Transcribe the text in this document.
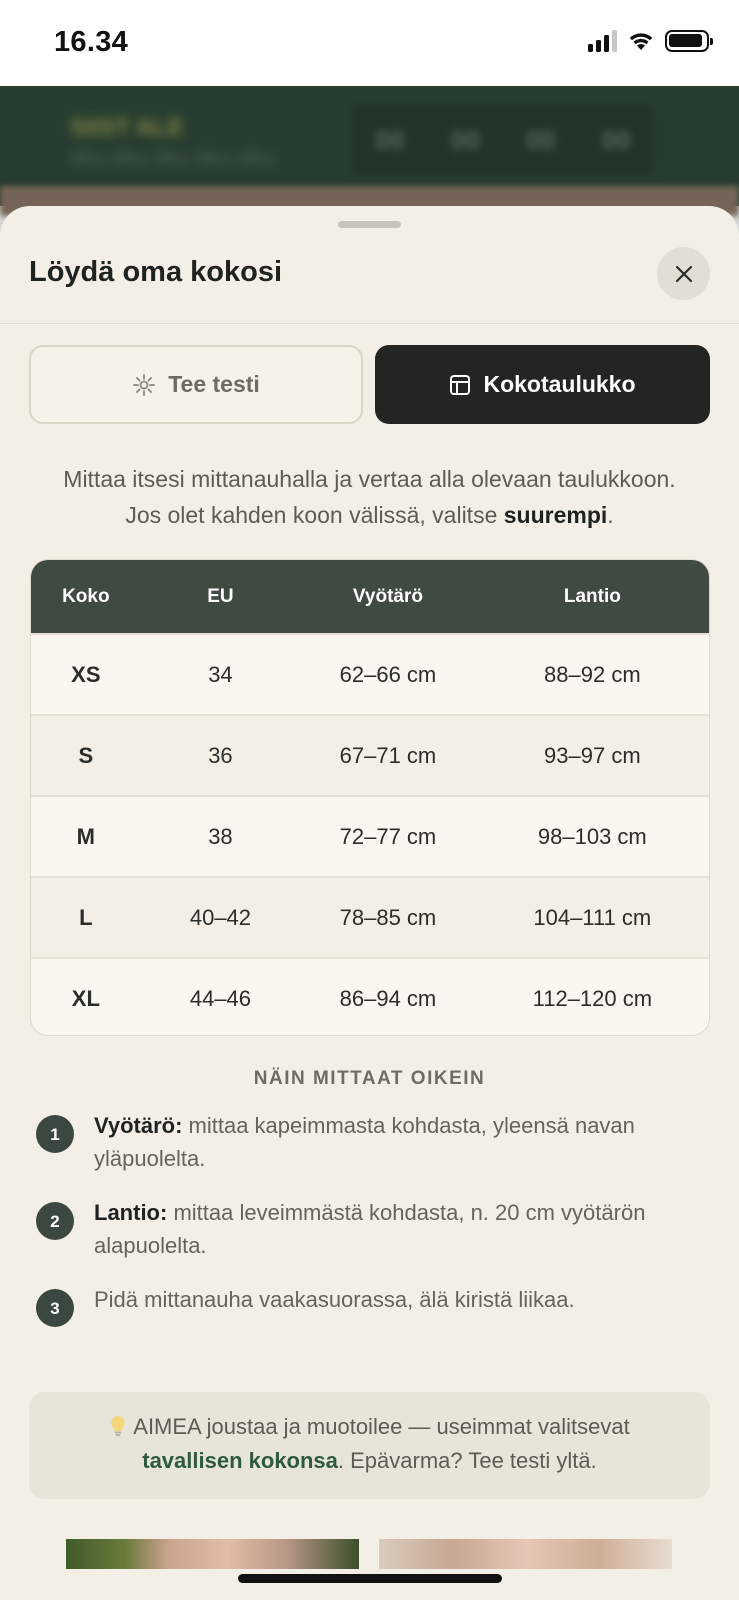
16.34
SIIST ALE
ZELL ZELL ZELL ZELL ZELL
00 00 00 00
Löydä oma kokosi
Tee testi	Kokotaulukko
Mittaa itsesi mittanauhalla ja vertaa alla olevaan taulukkoon.
Jos olet kahden koon välissä, valitse suurempi.
Koko	EU	Vyötärö	Lantio
XS	34	62–66 cm	88–92 cm
S	36	67–71 cm	93–97 cm
M	38	72–77 cm	98–103 cm
L	40–42	78–85 cm	104–111 cm
XL	44–46	86–94 cm	112–120 cm
NÄIN MITTAAT OIKEIN
1	Vyötärö: mittaa kapeimmasta kohdasta, yleensä navan yläpuolelta.
2	Lantio: mittaa leveimmästä kohdasta, n. 20 cm vyötärön alapuolelta.
3	Pidä mittanauha vaakasuorassa, älä kiristä liikaa.
AIMEA joustaa ja muotoilee — useimmat valitsevat
tavallisen kokonsa. Epävarma? Tee testi yltä.
